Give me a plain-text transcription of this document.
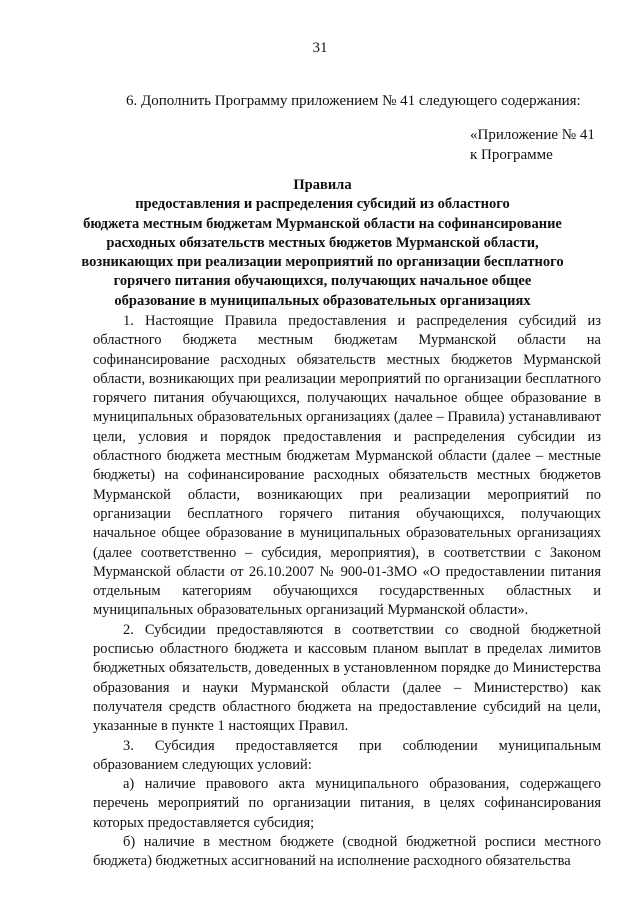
31
6. Дополнить Программу приложением № 41 следующего содержания:
«Приложение № 41
к Программе
Правила
предоставления и распределения субсидий из областного
бюджета местным бюджетам Мурманской области на софинансирование
расходных обязательств местных бюджетов Мурманской области,
возникающих при реализации мероприятий по организации бесплатного
горячего питания обучающихся, получающих начальное общее
образование в муниципальных образовательных организациях

1. Настоящие Правила предоставления и распределения субсидий из областного бюджета местным бюджетам Мурманской области на софинансирование расходных обязательств местных бюджетов Мурманской области, возникающих при реализации мероприятий по организации бесплатного горячего питания обучающихся, получающих начальное общее образование в муниципальных образовательных организациях (далее – Правила) устанавливают цели, условия и порядок предоставления и распределения субсидии из областного бюджета местным бюджетам Мурманской области (далее – местные бюджеты) на софинансирование расходных обязательств местных бюджетов Мурманской области, возникающих при реализации мероприятий по организации бесплатного горячего питания обучающихся, получающих начальное общее образование в муниципальных образовательных организациях (далее соответственно – субсидия, мероприятия), в соответствии с Законом Мурманской области от 26.10.2007 № 900-01-ЗМО «О предоставлении питания отдельным категориям обучающихся государственных областных и муниципальных образовательных организаций Мурманской области».

2. Субсидии предоставляются в соответствии со сводной бюджетной росписью областного бюджета и кассовым планом выплат в пределах лимитов бюджетных обязательств, доведенных в установленном порядке до Министерства образования и науки Мурманской области (далее – Министерство) как получателя средств областного бюджета на предоставление субсидий на цели, указанные в пункте 1 настоящих Правил.

3. Субсидия предоставляется при соблюдении муниципальным образованием следующих условий:

а) наличие правового акта муниципального образования, содержащего перечень мероприятий по организации питания, в целях софинансирования которых предоставляется субсидия;

б) наличие в местном бюджете (сводной бюджетной росписи местного бюджета) бюджетных ассигнований на исполнение расходного обязательства
